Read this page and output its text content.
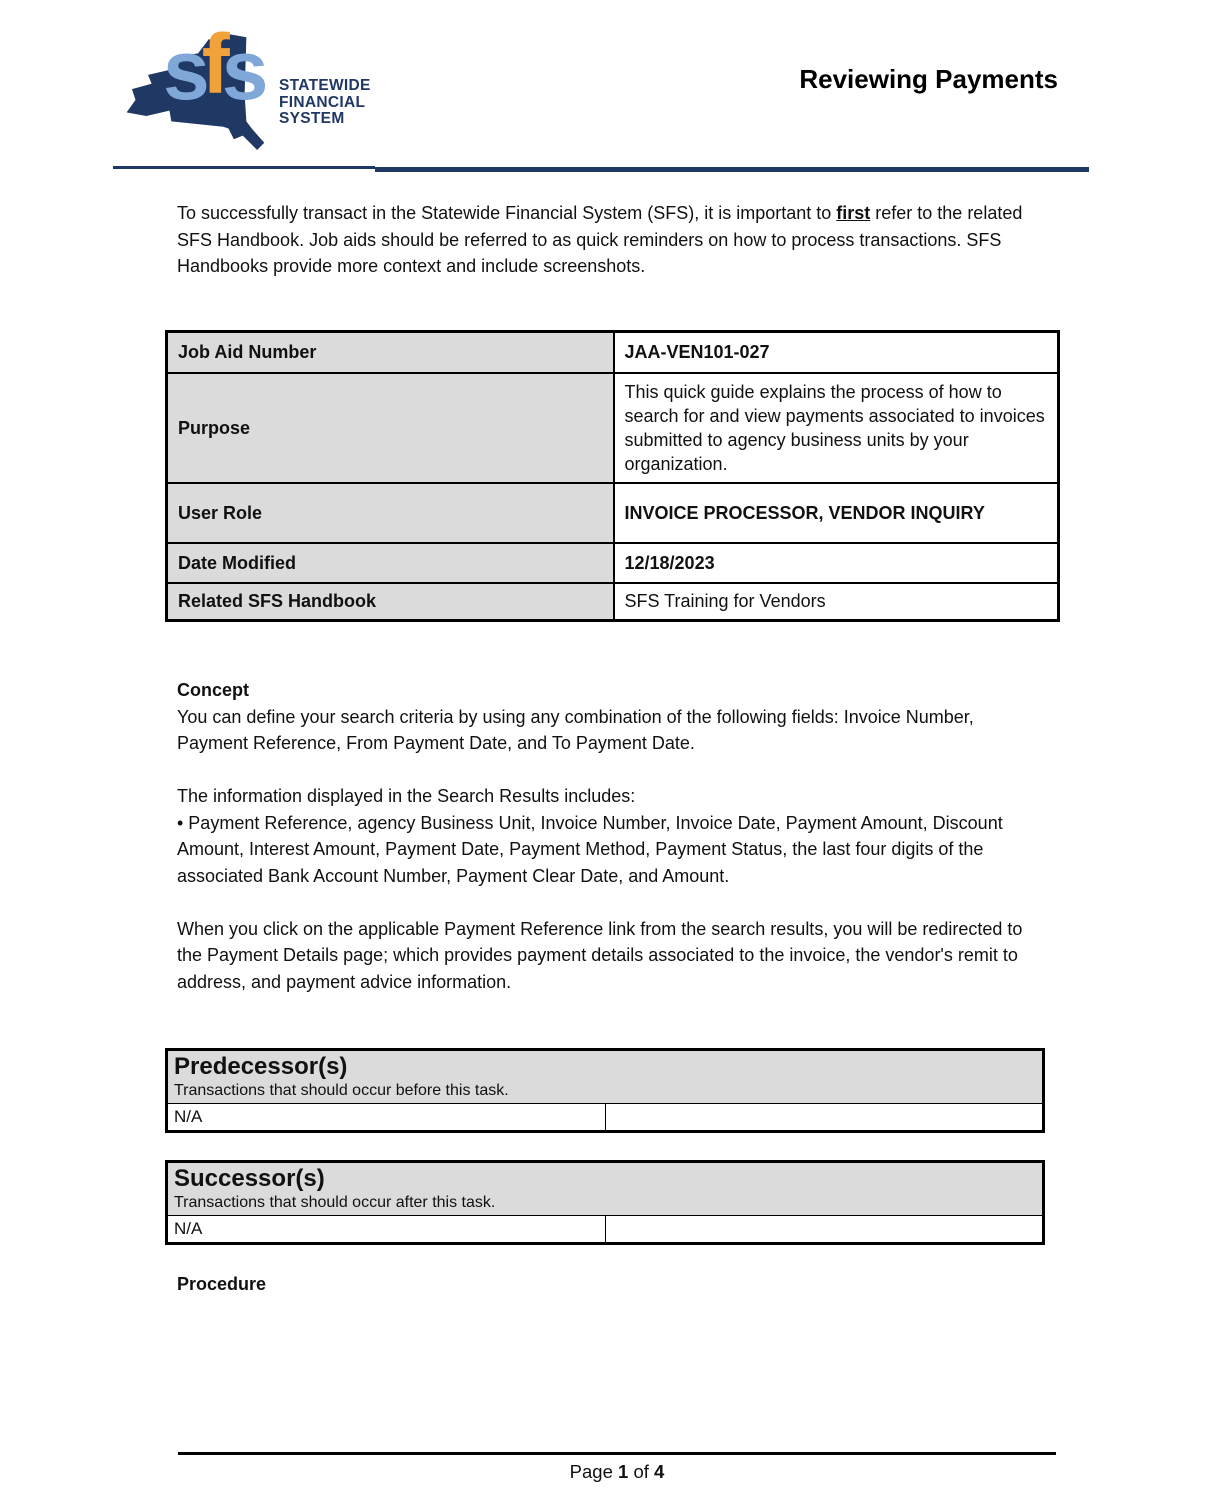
sfs STATEWIDE
FINANCIAL
SYSTEM
Reviewing Payments

To successfully transact in the Statewide Financial System (SFS), it is important to first refer to the related SFS Handbook. Job aids should be referred to as quick reminders on how to process transactions. SFS Handbooks provide more context and include screenshots.

Job Aid Number	JAA-VEN101-027
Purpose	This quick guide explains the process of how to search for and view payments associated to invoices submitted to agency business units by your organization.
User Role	INVOICE PROCESSOR, VENDOR INQUIRY

Date Modified	12/18/2023
Related SFS Handbook	SFS Training for Vendors
Concept

You can define your search criteria by using any combination of the following fields: Invoice Number, Payment Reference, From Payment Date, and To Payment Date.

The information displayed in the Search Results includes:

• Payment Reference, agency Business Unit, Invoice Number, Invoice Date, Payment Amount, Discount Amount, Interest Amount, Payment Date, Payment Method, Payment Status, the last four digits of the associated Bank Account Number, Payment Clear Date, and Amount.

When you click on the applicable Payment Reference link from the search results, you will be redirected to the Payment Details page; which provides payment details associated to the invoice, the vendor's remit to address, and payment advice information.

Predecessor(s)
Transactions that should occur before this task.

N/A	
Successor(s)
Transactions that should occur after this task.

N/A	
Procedure
Page 1 of 4
